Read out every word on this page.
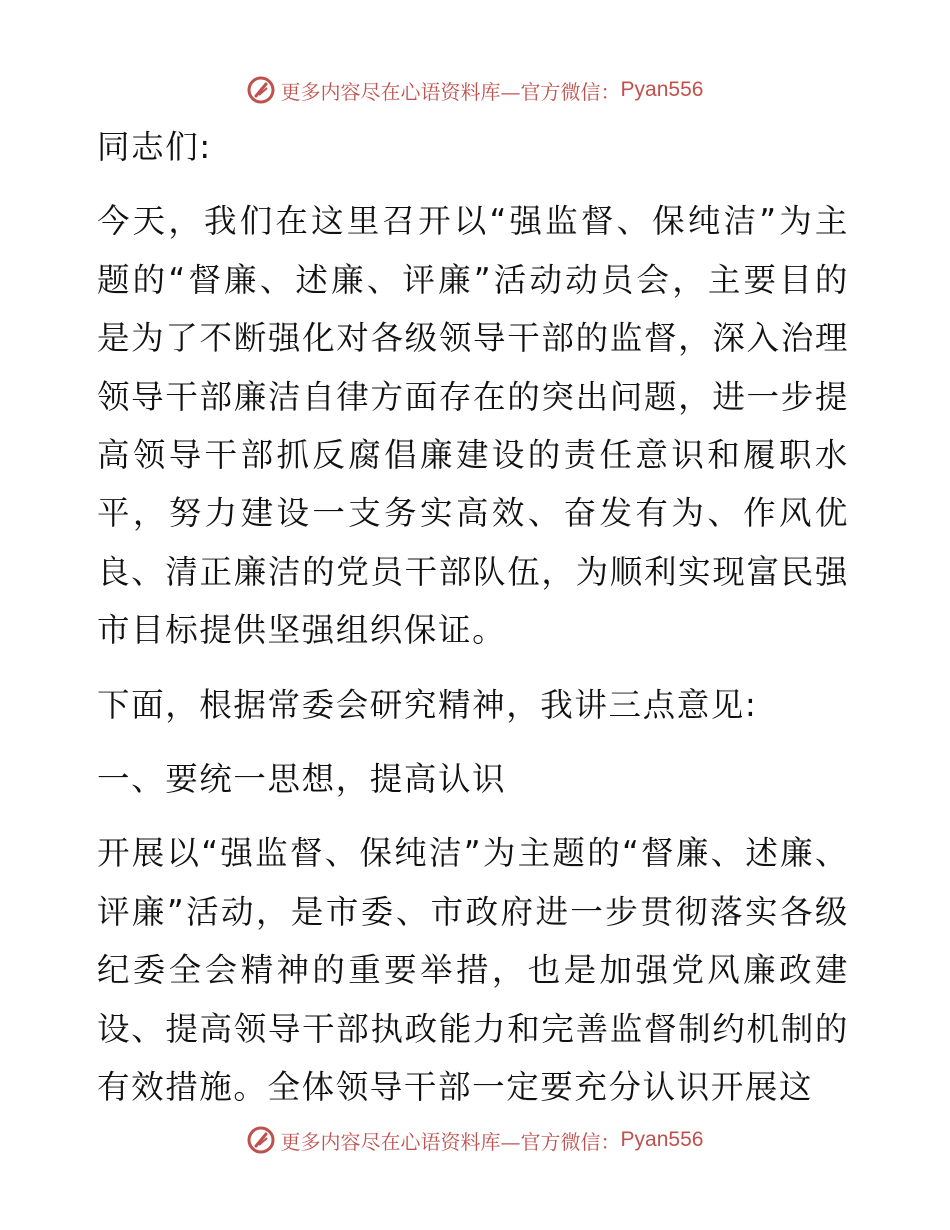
更多内容尽在心语资料库—官方微信： Pyan556

同志们:

今天，我们在这里召开以“强监督、保纯洁”为主题的“督廉、述廉、评廉”活动动员会，主要目的是为了不断强化对各级领导干部的监督，深入治理领导干部廉洁自律方面存在的突出问题，进一步提高领导干部抓反腐倡廉建设的责任意识和履职水平，努力建设一支务实高效、奋发有为、作风优良、清正廉洁的党员干部队伍，为顺利实现富民强市目标提供坚强组织保证。

下面，根据常委会研究精神，我讲三点意见:

一、要统一思想，提高认识

开展以“强监督、保纯洁”为主题的“督廉、述廉、评廉”活动，是市委、市政府进一步贯彻落实各级纪委全会精神的重要举措，也是加强党风廉政建设、提高领导干部执政能力和完善监督制约机制的有效措施。全体领导干部一定要充分认识开展这

更多内容尽在心语资料库—官方微信： Pyan556
